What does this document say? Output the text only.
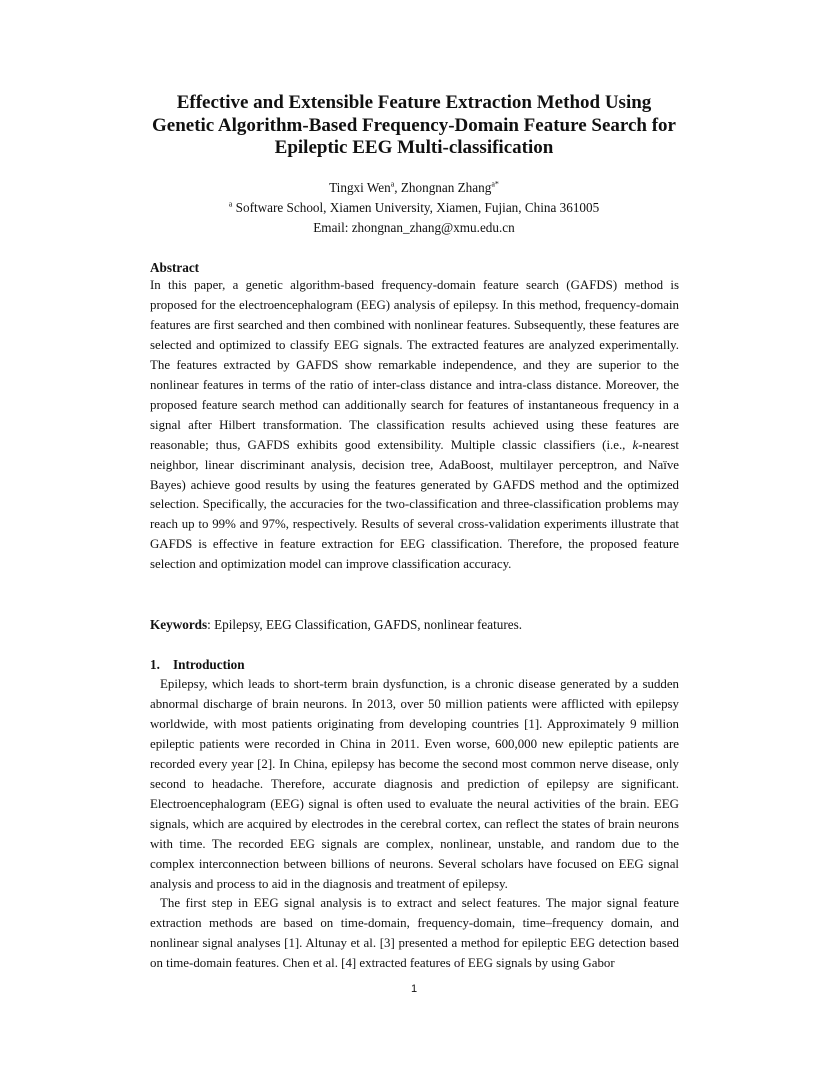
Effective and Extensible Feature Extraction Method Using
Genetic Algorithm-Based Frequency-Domain Feature Search for
Epileptic EEG Multi-classification
Tingxi Wen$^a$, Zhongnan Zhang$^{a*}$
$^a$ Software School, Xiamen University, Xiamen, Fujian, China 361005
Email: zhongnan_zhang@xmu.edu.cn
Abstract

In this paper, a genetic algorithm-based frequency-domain feature search (GAFDS) method is proposed for the electroencephalogram (EEG) analysis of epilepsy. In this method, frequency-domain features are first searched and then combined with nonlinear features. Subsequently, these features are selected and optimized to classify EEG signals. The extracted features are analyzed experimentally. The features extracted by GAFDS show remarkable independence, and they are superior to the nonlinear features in terms of the ratio of inter-class distance and intra-class distance. Moreover, the proposed feature search method can additionally search for features of instantaneous frequency in a signal after Hilbert transformation. The classification results achieved using these features are reasonable; thus, GAFDS exhibits good extensibility. Multiple classic classifiers (i.e., k-nearest neighbor, linear discriminant analysis, decision tree, AdaBoost, multilayer perceptron, and Naïve Bayes) achieve good results by using the features generated by GAFDS method and the optimized selection. Specifically, the accuracies for the two-classification and three-classification problems may reach up to 99% and 97%, respectively. Results of several cross-validation experiments illustrate that GAFDS is effective in feature extraction for EEG classification. Therefore, the proposed feature selection and optimization model can improve classification accuracy.

Keywords: Epilepsy, EEG Classification, GAFDS, nonlinear features.

1. Introduction

Epilepsy, which leads to short-term brain dysfunction, is a chronic disease generated by a sudden abnormal discharge of brain neurons. In 2013, over 50 million patients were afflicted with epilepsy worldwide, with most patients originating from developing countries [1]. Approximately 9 million epileptic patients were recorded in China in 2011. Even worse, 600,000 new epileptic patients are recorded every year [2]. In China, epilepsy has become the second most common nerve disease, only second to headache. Therefore, accurate diagnosis and prediction of epilepsy are significant. Electroencephalogram (EEG) signal is often used to evaluate the neural activities of the brain. EEG signals, which are acquired by electrodes in the cerebral cortex, can reflect the states of brain neurons with time. The recorded EEG signals are complex, nonlinear, unstable, and random due to the complex interconnection between billions of neurons. Several scholars have focused on EEG signal analysis and process to aid in the diagnosis and treatment of epilepsy.

The first step in EEG signal analysis is to extract and select features. The major signal feature extraction methods are based on time-domain, frequency-domain, time–frequency domain, and nonlinear signal analyses [1]. Altunay et al. [3] presented a method for epileptic EEG detection based on time-domain features. Chen et al. [4] extracted features of EEG signals by using Gabor

1
